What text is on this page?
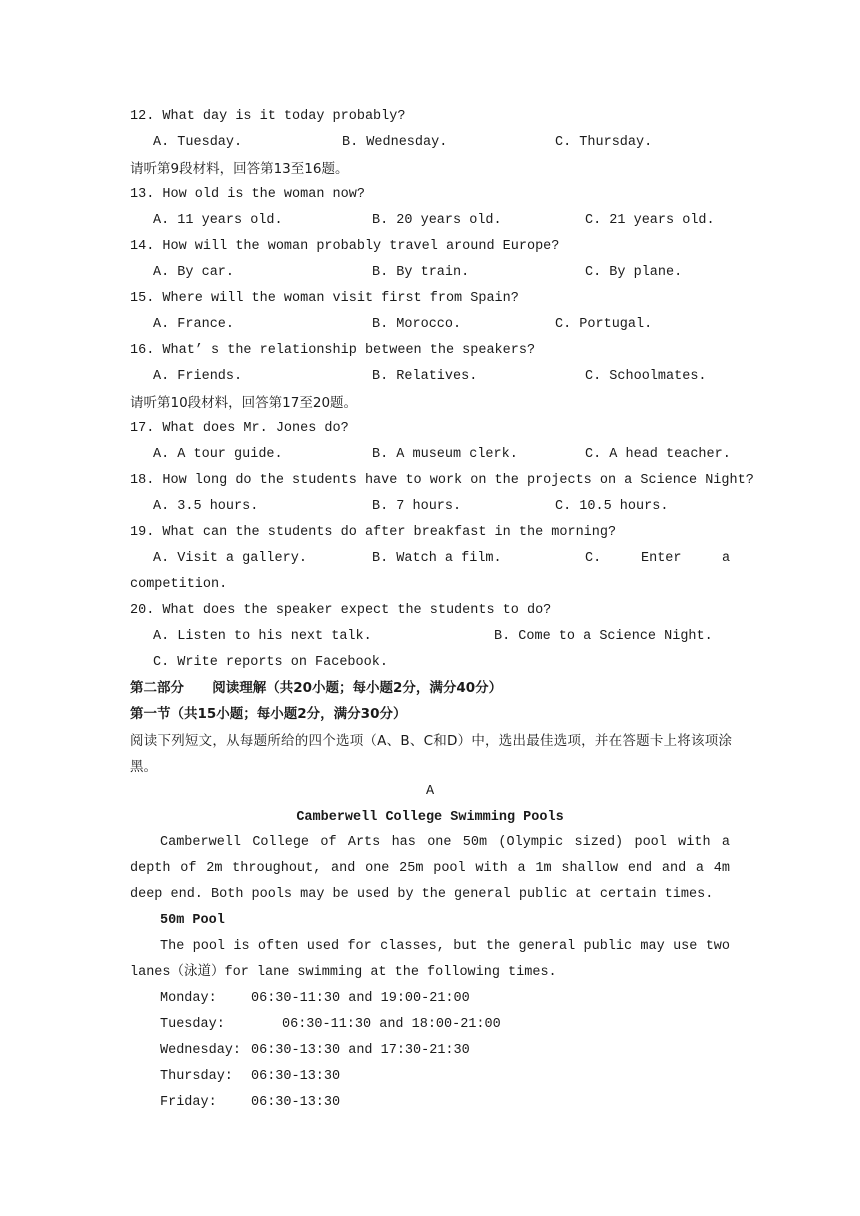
12. What day is it today probably?
A. Tuesday.	B. Wednesday.	C. Thursday.
请听第9段材料，回答第13至16题。
13. How old is the woman now?
A. 11 years old.	B. 20 years old.	C. 21 years old.
14. How will the woman probably travel around Europe?
A. By car.	B. By train.	C. By plane.
15. Where will the woman visit first from Spain?
A. France.	B. Morocco.	C. Portugal.
16. What’ s the relationship between the speakers?
A. Friends.	B. Relatives.	C. Schoolmates.
请听第10段材料，回答第17至20题。
17. What does Mr. Jones do?
A. A tour guide.	B. A museum clerk.	C. A head teacher.
18. How long do the students have to work on the projects on a Science Night?
A. 3.5 hours.	B. 7 hours.	C. 10.5 hours.
19. What can the students do after breakfast in the morning?
A. Visit a gallery.	B. Watch a film.	C.	Enter	a
competition.
20. What does the speaker expect the students to do?
A. Listen to his next talk.	B. Come to a Science Night.
C. Write reports on Facebook.
第二部分      阅读理解（共20小题；每小题2分，满分40分）
第一节（共15小题；每小题2分，满分30分）
阅读下列短文，从每题所给的四个选项（A、B、C和D）中，选出最佳选项，并在答题卡上将该项涂黑。
A
Camberwell College Swimming Pools
Camberwell College of Arts has one 50m (Olympic sized) pool with a depth of 2m throughout, and one 25m pool with a 1m shallow end and a 4m deep end. Both pools may be used by the general public at certain times.
50m Pool
The pool is often used for classes, but the general public may use two lanes（泳道）for lane swimming at the following times.
Monday:	06:30-11:30 and 19:00-21:00
Tuesday:	06:30-11:30 and 18:00-21:00
Wednesday: 06:30-13:30 and 17:30-21:30
Thursday: 06:30-13:30
Friday:	06:30-13:30
